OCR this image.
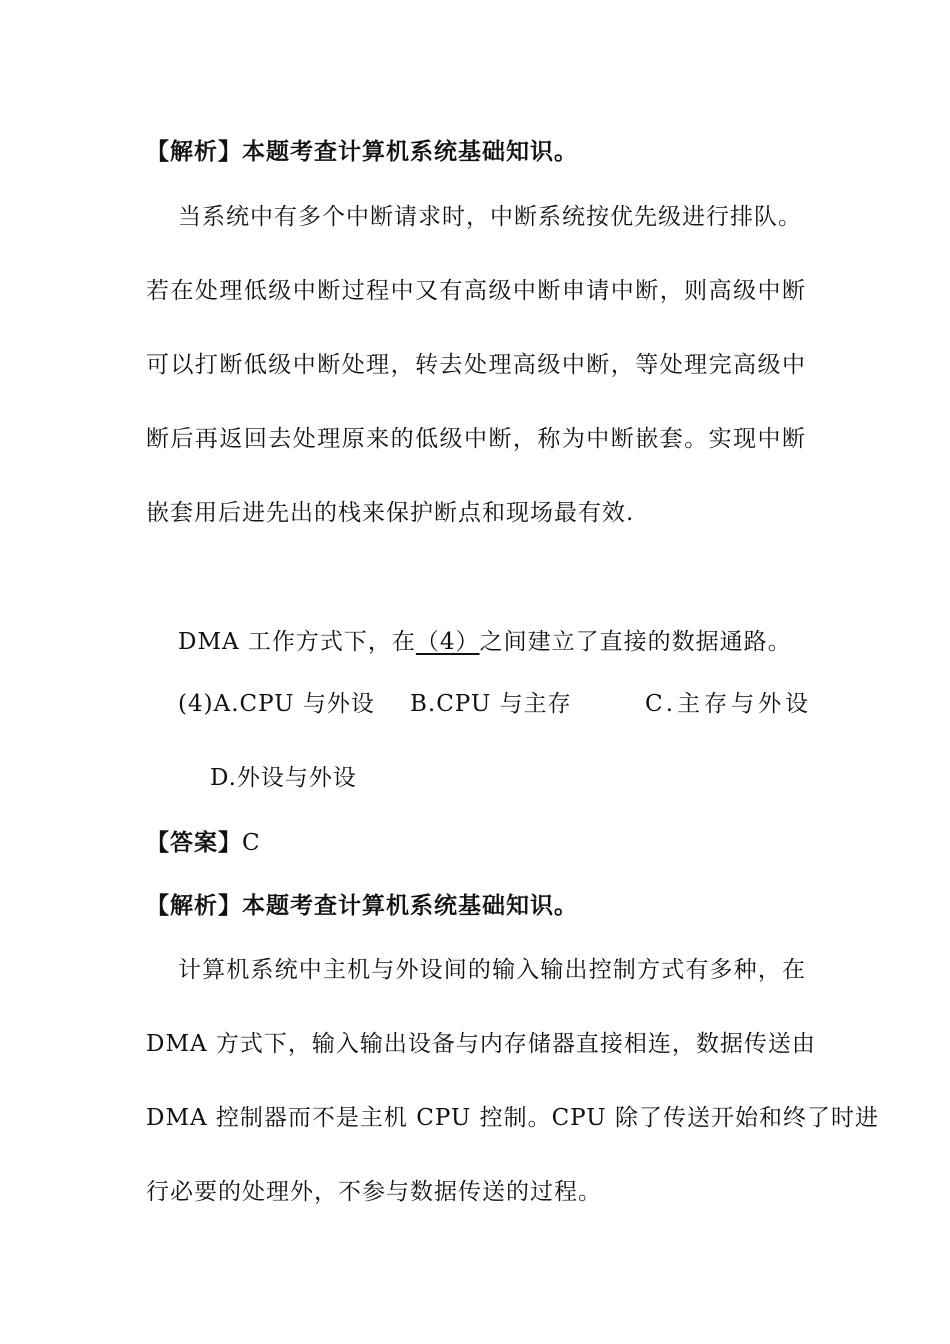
【解析】本题考查计算机系统基础知识。
当系统中有多个中断请求时，中断系统按优先级进行排队。
若在处理低级中断过程中又有高级中断申请中断，则高级中断
可以打断低级中断处理，转去处理高级中断，等处理完高级中
断后再返回去处理原来的低级中断，称为中断嵌套。实现中断
嵌套用后进先出的栈来保护断点和现场最有效.
DMA 工作方式下，在（4）之间建立了直接的数据通路。
(4)A.CPU 与外设 B.CPU 与主存	C.主存与外设
D.外设与外设
【答案】C
【解析】本题考查计算机系统基础知识。
计算机系统中主机与外设间的输入输出控制方式有多种，在
DMA 方式下，输入输出设备与内存储器直接相连，数据传送由
DMA 控制器而不是主机 CPU 控制。CPU 除了传送开始和终了时进
行必要的处理外，不参与数据传送的过程。
